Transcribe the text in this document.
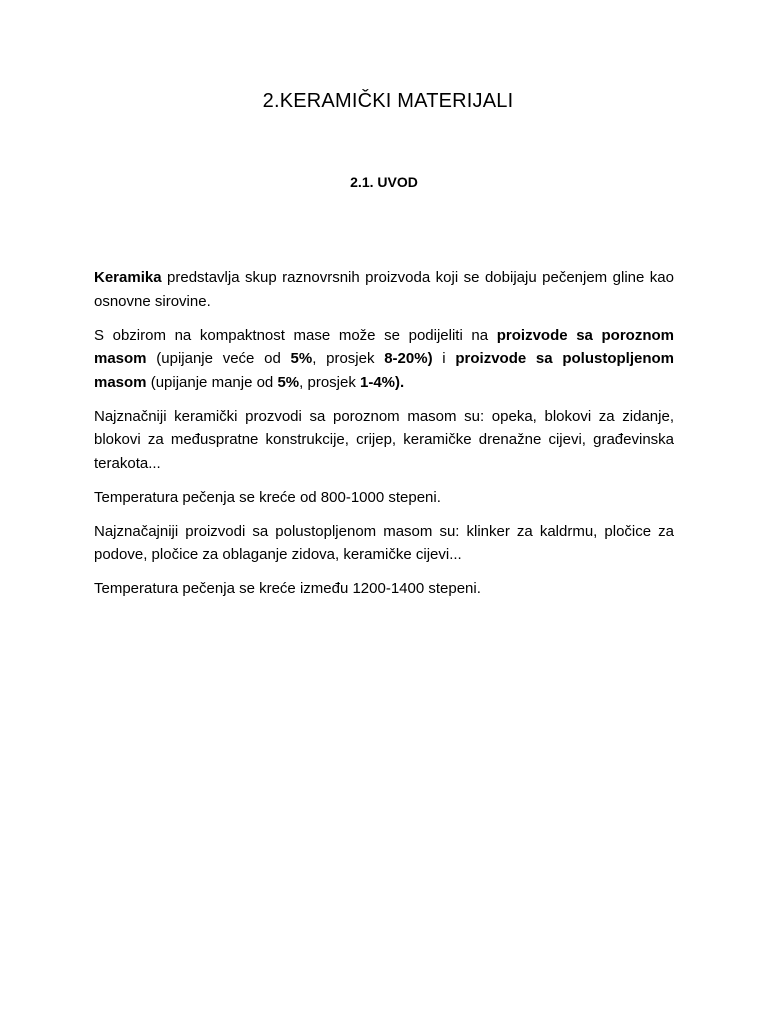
2.KERAMIČKI MATERIJALI
2.1. UVOD

Keramika predstavlja skup raznovrsnih proizvoda koji se dobijaju pečenjem gline kao osnovne sirovine.

S obzirom na kompaktnost mase može se podijeliti na proizvode sa poroznom masom (upijanje veće od 5%, prosjek 8-20%) i proizvode sa polustopljenom masom (upijanje manje od 5%, prosjek 1-4%).

Najznačniji keramički prozvodi sa poroznom masom su: opeka, blokovi za zidanje, blokovi za međuspratne konstrukcije, crijep, keramičke drenažne cijevi, građevinska terakota...

Temperatura pečenja se kreće od 800-1000 stepeni.

Najznačajniji proizvodi sa polustopljenom masom su: klinker za kaldrmu, pločice za podove, pločice za oblaganje zidova, keramičke cijevi...

Temperatura pečenja se kreće između 1200-1400 stepeni.
